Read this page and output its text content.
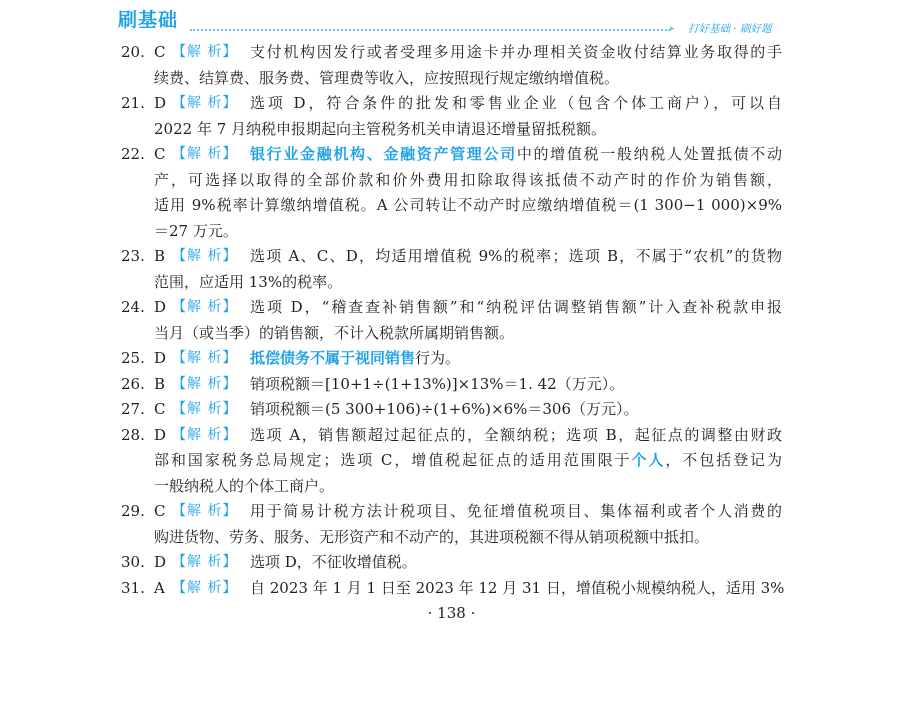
刷基础	▸ 打好基础 · 刷好题
20. C 【解 析】 支付机构因发行或者受理多用途卡并办理相关资金收付结算业务取得的手
续费、结算费、服务费、管理费等收入，应按照现行规定缴纳增值税。
21. D 【解 析】 选项 D，符合条件的批发和零售业企业（包含个体工商户），可以自
2022 年 7 月纳税申报期起向主管税务机关申请退还增量留抵税额。
22. C 【解 析】 银行业金融机构、金融资产管理公司中的增值税一般纳税人处置抵债不动
产，可选择以取得的全部价款和价外费用扣除取得该抵债不动产时的作价为销售额，
适用 9%税率计算缴纳增值税。A 公司转让不动产时应缴纳增值税＝(1 300−1 000)×9%
＝27 万元。
23. B 【解 析】 选项 A、C、D，均适用增值税 9%的税率；选项 B，不属于“农机”的货物
范围，应适用 13%的税率。
24. D 【解 析】 选项 D，“稽查查补销售额”和“纳税评估调整销售额”计入查补税款申报
当月（或当季）的销售额，不计入税款所属期销售额。
25. D 【解 析】 抵偿债务不属于视同销售行为。
26. B 【解 析】 销项税额＝[10+1÷(1+13%)]×13%＝1. 42（万元）。
27. C 【解 析】 销项税额＝(5 300+106)÷(1+6%)×6%＝306（万元）。
28. D 【解 析】 选项 A，销售额超过起征点的，全额纳税；选项 B，起征点的调整由财政
部和国家税务总局规定；选项 C，增值税起征点的适用范围限于个人，不包括登记为
一般纳税人的个体工商户。
29. C 【解 析】 用于简易计税方法计税项目、免征增值税项目、集体福利或者个人消费的
购进货物、劳务、服务、无形资产和不动产的，其进项税额不得从销项税额中抵扣。
30. D 【解 析】 选项 D，不征收增值税。
31. A 【解 析】 自 2023 年 1 月 1 日至 2023 年 12 月 31 日，增值税小规模纳税人，适用 3%
· 138 ·
